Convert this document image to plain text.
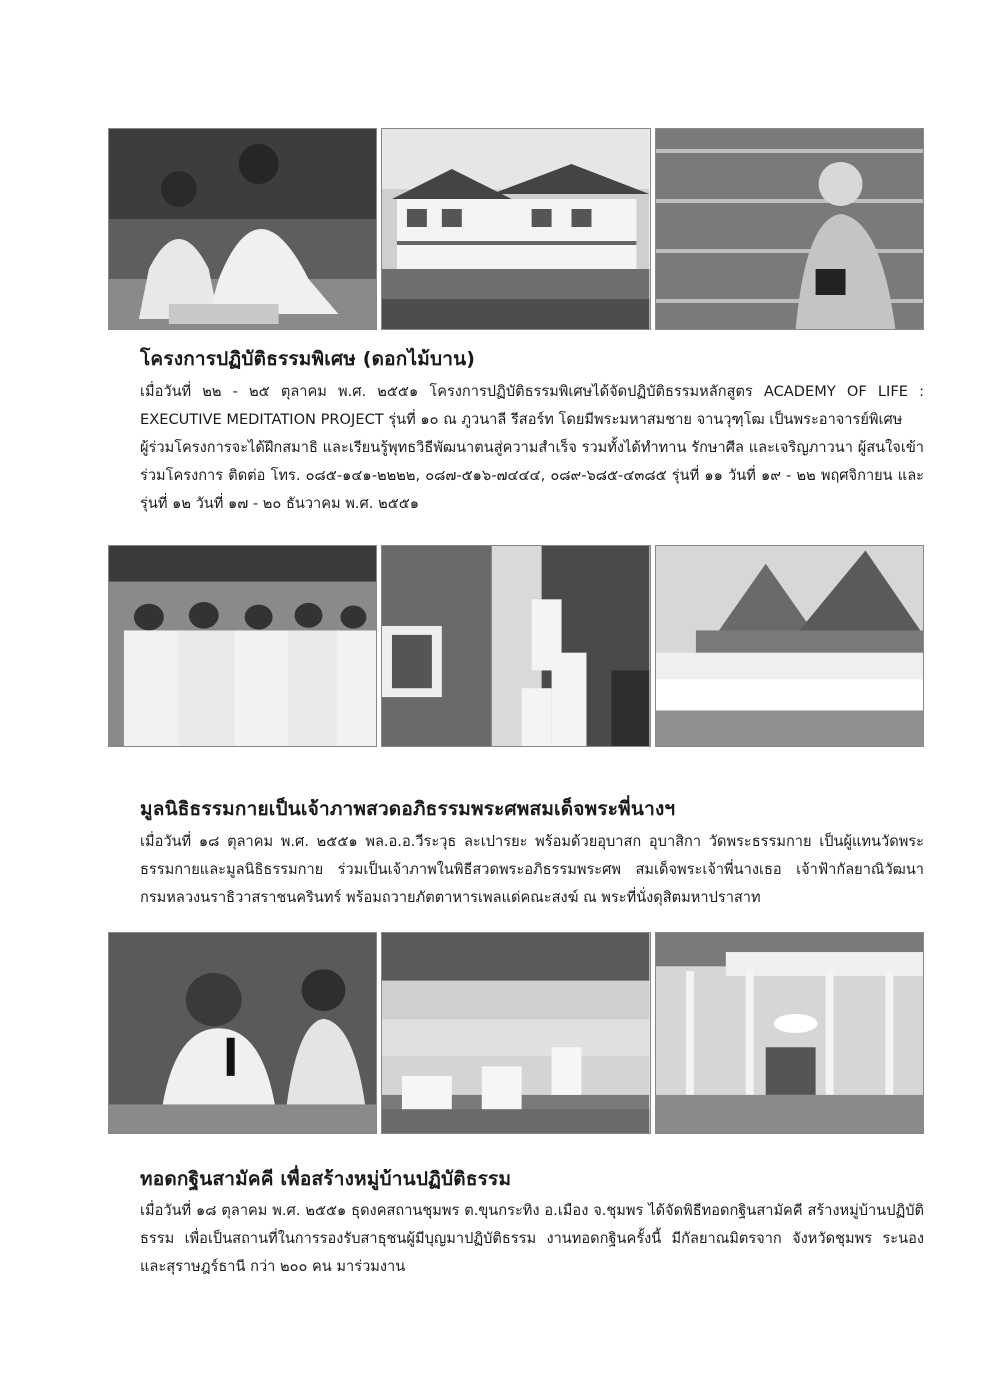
โครงการปฏิบัติธรรมพิเศษ (ดอกไม้บาน)

เมื่อวันที่ ๒๒ - ๒๕ ตุลาคม พ.ศ. ๒๕๕๑ โครงการปฏิบัติธรรมพิเศษได้จัดปฏิบัติธรรมหลักสูตร ACADEMY OF LIFE : EXECUTIVE MEDITATION PROJECT รุ่นที่ ๑๐ ณ ภูวนาลี รีสอร์ท โดยมีพระมหาสมชาย จานวุฑฺโฒ เป็นพระอาจารย์พิเศษ

ผู้ร่วมโครงการจะได้ฝึกสมาธิ และเรียนรู้พุทธวิธีพัฒนาตนสู่ความสำเร็จ รวมทั้งได้ทำทาน รักษาศีล และเจริญภาวนา ผู้สนใจเข้าร่วมโครงการ ติดต่อ โทร. ๐๘๕-๑๔๑-๒๒๒๒, ๐๘๗-๕๑๖-๗๔๔๔, ๐๘๙-๖๘๕-๔๓๘๕ รุ่นที่ ๑๑ วันที่ ๑๙ - ๒๒ พฤศจิกายน และรุ่นที่ ๑๒ วันที่ ๑๗ - ๒๐ ธันวาคม พ.ศ. ๒๕๕๑

มูลนิธิธรรมกายเป็นเจ้าภาพสวดอภิธรรมพระศพสมเด็จพระพี่นางฯ

เมื่อวันที่ ๑๘ ตุลาคม พ.ศ. ๒๕๕๑ พล.อ.อ.วีระวุธ ละเปารยะ พร้อมด้วยอุบาสก อุบาสิกา วัดพระธรรมกาย เป็นผู้แทนวัดพระธรรมกายและมูลนิธิธรรมกาย ร่วมเป็นเจ้าภาพในพิธีสวดพระอภิธรรมพระศพ สมเด็จพระเจ้าพี่นางเธอ เจ้าฟ้ากัลยาณิวัฒนา กรมหลวงนราธิวาสราชนครินทร์ พร้อมถวายภัตตาหารเพลแด่คณะสงฆ์ ณ พระที่นั่งดุสิตมหาปราสาท

ทอดกฐินสามัคคี เพื่อสร้างหมู่บ้านปฏิบัติธรรม

เมื่อวันที่ ๑๘ ตุลาคม พ.ศ. ๒๕๕๑ ธุดงคสถานชุมพร ต.ขุนกระทิง อ.เมือง จ.ชุมพร ได้จัดพิธีทอดกฐินสามัคคี สร้างหมู่บ้านปฏิบัติธรรม เพื่อเป็นสถานที่ในการรองรับสาธุชนผู้มีบุญมาปฏิบัติธรรม งานทอดกฐินครั้งนี้ มีกัลยาณมิตรจาก จังหวัดชุมพร ระนอง และสุราษฎร์ธานี กว่า ๒๐๐ คน มาร่วมงาน
